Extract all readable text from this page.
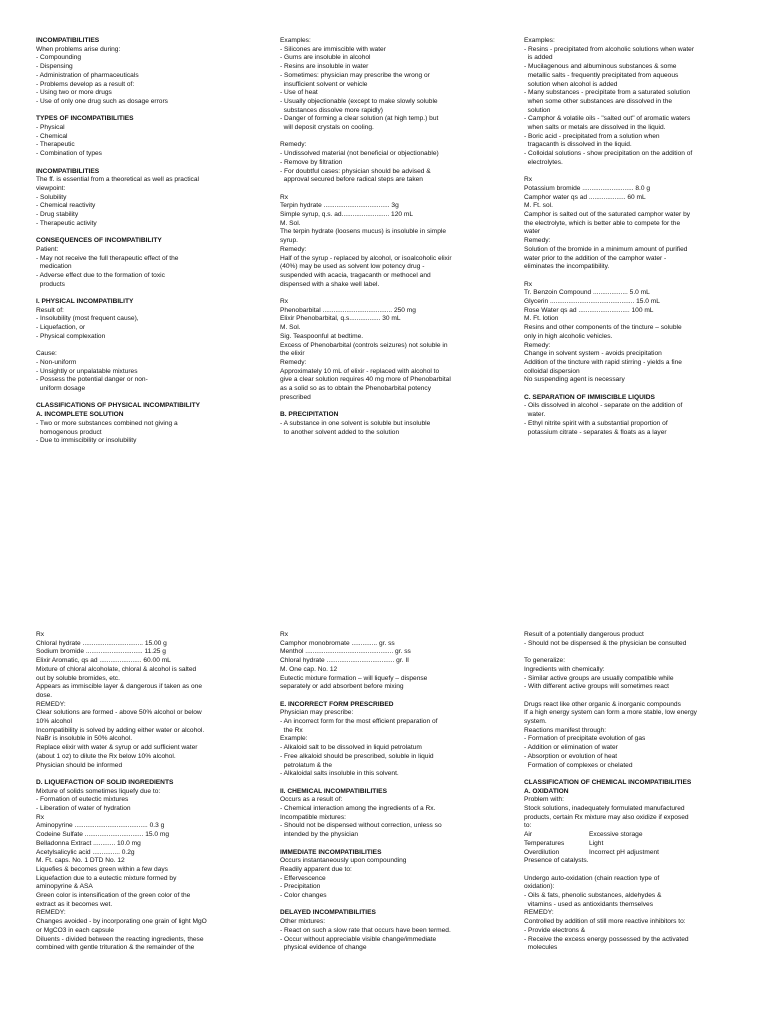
INCOMPATIBILITIES
When problems arise during:
- Compounding
- Dispensing
- Administration of pharmaceuticals
- Problems develop as a result of:
- Using two or more drugs
- Use of only one drug such as dosage errors
TYPES OF INCOMPATIBILITIES
- Physical
- Chemical
- Therapeutic
- Combination of types
INCOMPATIBILITIES
The ff. is essential from a theoretical as well as practical
viewpoint:
- Solubility
- Chemical reactivity
- Drug stability
- Therapeutic activity
CONSEQUENCES OF INCOMPATIBILITY
Patient:
- May not receive the full therapeutic effect of the
medication
- Adverse effect due to the formation of toxic
products
I. PHYSICAL INCOMPATIBILITY
Result of:
- Insolubility (most frequent cause),
- Liquefaction, or
- Physical complexation
Cause:
- Non-uniform
- Unsightly or unpalatable mixtures
- Possess the potential danger or non-
uniform dosage
CLASSIFICATIONS OF PHYSICAL INCOMPATIBILITY
A. INCOMPLETE SOLUTION
- Two or more substances combined not giving a
homogenous product
- Due to immiscibility or insolubility
Examples:
- Silicones are immiscible with water
- Gums are insoluble in alcohol
- Resins are insoluble in water
- Sometimes: physician may prescribe the wrong or
insufficient solvent or vehicle
- Use of heat
- Usually objectionable (except to make slowly soluble
substances dissolve more rapidly)
- Danger of forming a clear solution (at high temp.) but
will deposit crystals on cooling.
Remedy:
- Undissolved material (not beneficial or objectionable)
- Remove by filtration
- For doubtful cases: physician should be advised &
approval secured before radical steps are taken
Rx
Terpin hydrate .................................... 3g
Simple syrup, q.s. ad.......................... 120 mL
M. Sol.
The terpin hydrate (loosens mucus) is insoluble in simple
syrup.
Remedy:
Half of the syrup - replaced by alcohol, or isoalcoholic elixir
(40%) may be used as solvent low potency drug -
suspended with acacia, tragacanth or methocel and
dispensed with a shake well label.
Rx
Phenobarbital ...................................... 250 mg
Elixir Phenobarbital, q.s................. 30 mL
M. Sol.
Sig. Teaspoonful at bedtime.
Excess of Phenobarbital (controls seizures) not soluble in
the elixir
Remedy:
Approximately 10 mL of elixir - replaced with alcohol to
give a clear solution requires 40 mg more of Phenobarbital
as a solid so as to obtain the Phenobarbital potency
prescribed
B. PRECIPITATION
- A substance in one solvent is soluble but insoluble
to another solvent added to the solution
Examples:
- Resins - precipitated from alcoholic solutions when water
is added
- Mucilagenous and albuminous substances & some
metallic salts - frequently precipitated from aqueous
solution when alcohol is added
- Many substances - precipitate from a saturated solution
when some other substances are dissolved in the
solution
- Camphor & volatile oils - "salted out" of aromatic waters
when salts or metals are dissolved in the liquid.
- Boric acid - precipitated from a solution when
tragacanth is dissolved in the liquid.
- Colloidal solutions - show precipitation on the addition of
electrolytes.
Rx
Potassium bromide ............................ 8.0 g
Camphor water qs ad .................... 60 mL
M. Ft. sol.
Camphor is salted out of the saturated camphor water by
the electrolyte, which is better able to compete for the
water
Remedy:
Solution of the bromide in a minimum amount of purified
water prior to the addition of the camphor water -
eliminates the incompatibility.
Rx
Tr. Benzoin Compound ................... 5.0 mL
Glycerin .............................................. 15.0 mL
Rose Water qs ad ............................ 100 mL
M. Ft. lotion
Resins and other components of the tincture – soluble
only in high alcoholic vehicles.
Remedy:
Change in solvent system - avoids precipitation
Addition of the tincture with rapid stirring - yields a fine
colloidal dispersion
No suspending agent is necessary
C. SEPARATION OF IMMISCIBLE LIQUIDS
- Oils dissolved in alcohol - separate on the addition of
water.
- Ethyl nitrite spirit with a substantial proportion of
potassium citrate - separates & floats as a layer
Rx
Chloral hydrate ................................. 15.00 g
Sodium bromide ............................... 11.25 g
Elixir Aromatic, qs ad ....................... 60.00 mL
Mixture of chloral alcoholate, chloral & alcohol is salted
out by soluble bromides, etc.
Appears as immiscible layer & dangerous if taken as one
dose.
REMEDY:
Clear solutions are formed - above 50% alcohol or below
10% alcohol
Incompatibility is solved by adding either water or alcohol.
NaBr is insoluble in 50% alcohol.
Replace elixir with water & syrup or add sufficient water
(about 1 oz) to dilute the Rx below 10% alcohol.
Physician should be informed
D. LIQUEFACTION OF SOLID INGREDIENTS
Mixture of solids sometimes liquefy due to:
- Formation of eutectic mixtures
- Liberation of water of hydration
Rx
Aminopyrine ........................................ 0.3 g
Codeine Sulfate ................................ 15.0 mg
Belladonna Extract ............ 10.0 mg
Acetylsalicylic acid ............... 0.2g
M. Ft. caps. No. 1 DTD No. 12
Liquefies & becomes green within a few days
Liquefaction due to a eutectic mixture formed by
aminopyrine & ASA
Green color is intensification of the green color of the
extract as it becomes wet.
REMEDY:
Changes avoided - by incorporating one grain of light MgO
or MgCO3 in each capsule
Diluents - divided between the reacting ingredients, these
combined with gentle trituration & the remainder of the
Rx
Camphor monobromate .............. gr. ss
Menthol ................................................ gr. ss
Chloral hydrate ..................................... gr. II
M. One cap. No. 12
Eutectic mixture formation – will liquefy – dispense
separately or add absorbent before mixing
E. INCORRECT FORM PRESCRIBED
Physician may prescribe:
- An incorrect form for the most efficient preparation of
the Rx
Example:
- Alkaloid salt to be dissolved in liquid petrolatum
- Free alkaloid should be prescribed, soluble in liquid
petrolatum & the
- Alkaloidal salts insoluble in this solvent.
II. CHEMICAL INCOMPATIBILITIES
Occurs as a result of:
- Chemical interaction among the ingredients of a Rx.
Incompatible mixtures:
- Should not be dispensed without correction, unless so
intended by the physician
IMMEDIATE INCOMPATIBILITIES
Occurs instantaneously upon compounding
Readily apparent due to:
- Effervescence
- Precipitation
- Color changes
DELAYED INCOMPATIBILITIES
Other mixtures:
- React on such a slow rate that occurs have been termed.
- Occur without appreciable visible change/immediate
physical evidence of change
Result of a potentially dangerous product
- Should not be dispensed & the physician be consulted
To generalize:
Ingredients with chemically:
- Similar active groups are usually compatible while
- With different active groups will sometimes react
Drugs react like other organic & inorganic compounds
If a high energy system can form a more stable, low energy
system.
Reactions manifest through:
- Formation of precipitate evolution of gas
- Addition or elimination of water
- Absorption or evolution of heat
Formation of complexes or chelated
CLASSIFICATION OF CHEMICAL INCOMPATIBILITIES
A. OXIDATION
Problem with:
Stock solutions, inadequately formulated manufactured
products, certain Rx mixture may also oxidize if exposed
to:
Air	Excessive storage
Temperatures	Light
Overdilution	Incorrect pH adjustment
Presence of catalysts.
Undergo auto-oxidation (chain reaction type of
oxidation):
- Oils & fats, phenolic substances, aldehydes &
vitamins - used as antioxidants themselves
REMEDY:
Controlled by addition of still more reactive inhibitors to:
- Provide electrons &
- Receive the excess energy possessed by the activated
molecules
